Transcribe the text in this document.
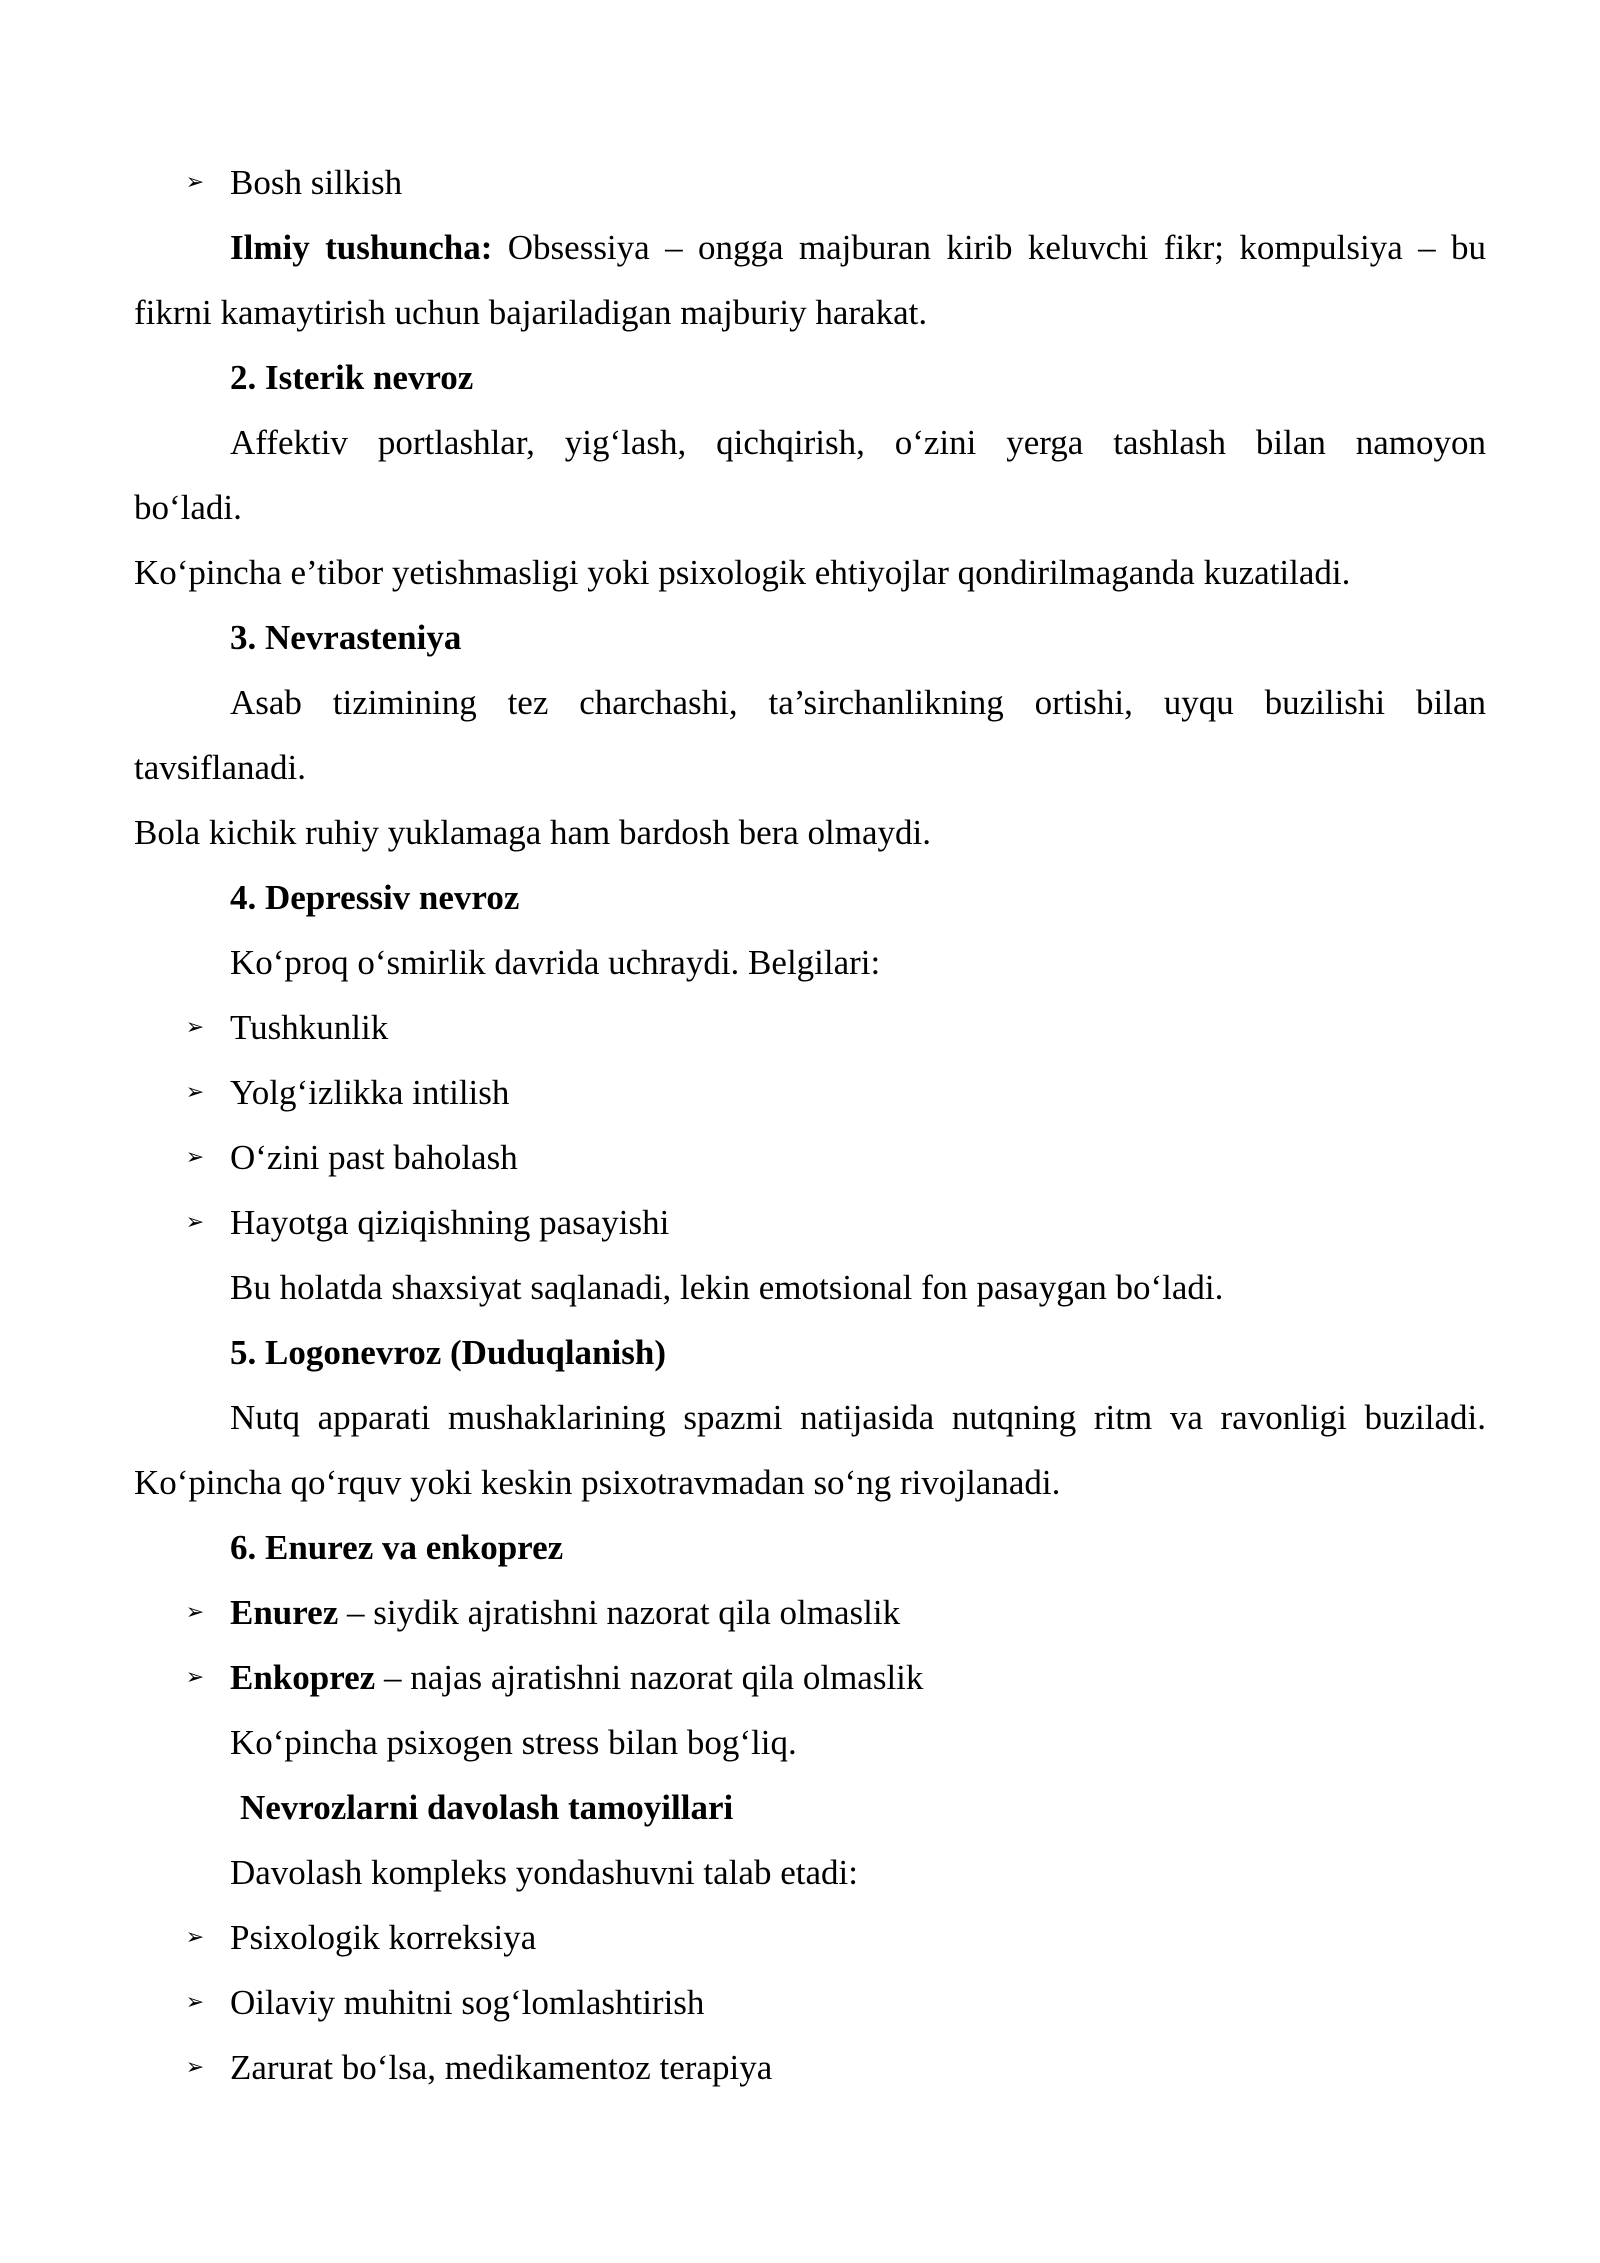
➢ Bosh silkish
Ilmiy tushuncha: Obsessiya – ongga majburan kirib keluvchi fikr; kompulsiya – bu
fikrni kamaytirish uchun bajariladigan majburiy harakat.
2. Isterik nevroz
Affektiv portlashlar, yig‘lash, qichqirish, o‘zini yerga tashlash bilan namoyon
bo‘ladi.
Ko‘pincha e’tibor yetishmasligi yoki psixologik ehtiyojlar qondirilmaganda kuzatiladi.
3. Nevrasteniya
Asab tizimining tez charchashi, ta’sirchanlikning ortishi, uyqu buzilishi bilan
tavsiflanadi.
Bola kichik ruhiy yuklamaga ham bardosh bera olmaydi.
4. Depressiv nevroz
Ko‘proq o‘smirlik davrida uchraydi. Belgilari:
➢ Tushkunlik
➢ Yolg‘izlikka intilish
➢ O‘zini past baholash
➢ Hayotga qiziqishning pasayishi
Bu holatda shaxsiyat saqlanadi, lekin emotsional fon pasaygan bo‘ladi.
5. Logonevroz (Duduqlanish)
Nutq apparati mushaklarining spazmi natijasida nutqning ritm va ravonligi buziladi.
Ko‘pincha qo‘rquv yoki keskin psixotravmadan so‘ng rivojlanadi.
6. Enurez va enkoprez
➢ Enurez – siydik ajratishni nazorat qila olmaslik
➢ Enkoprez – najas ajratishni nazorat qila olmaslik
Ko‘pincha psixogen stress bilan bog‘liq.
Nevrozlarni davolash tamoyillari
Davolash kompleks yondashuvni talab etadi:
➢ Psixologik korreksiya
➢ Oilaviy muhitni sog‘lomlashtirish
➢ Zarurat bo‘lsa, medikamentoz terapiya
